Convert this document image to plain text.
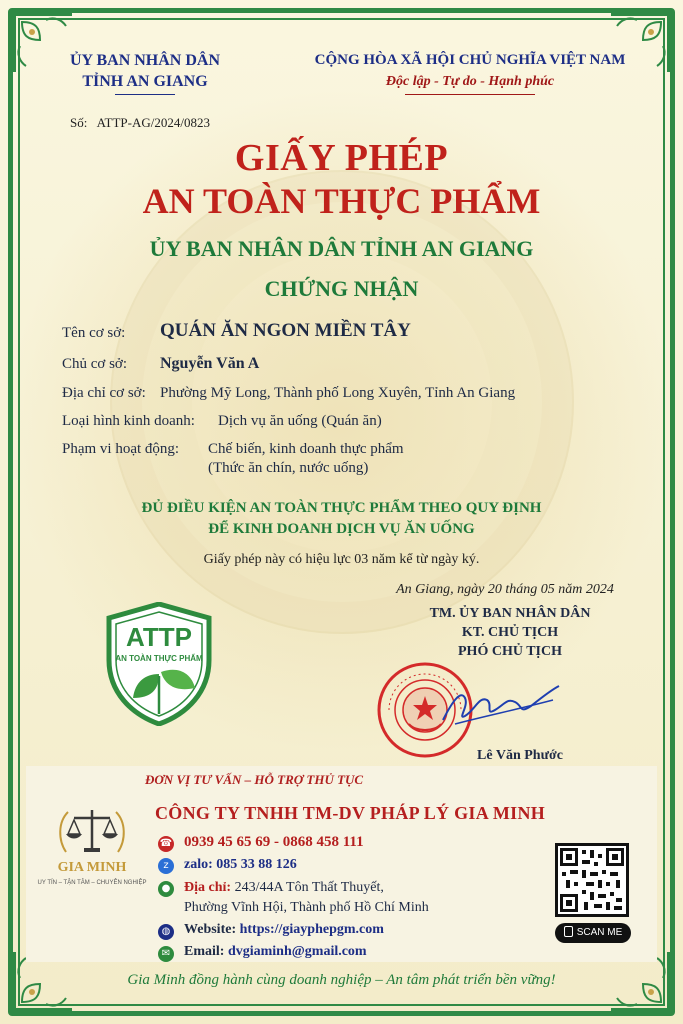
ỦY BAN NHÂN DÂN
TỈNH AN GIANG
CỘNG HÒA XÃ HỘI CHỦ NGHĨA VIỆT NAM
Độc lập - Tự do - Hạnh phúc
Số: ATTP-AG/2024/0823
GIẤY PHÉP
AN TOÀN THỰC PHẨM
ỦY BAN NHÂN DÂN TỈNH AN GIANG
CHỨNG NHẬN
Tên cơ sở: QUÁN ĂN NGON MIỀN TÂY
Chủ cơ sở: Nguyễn Văn A
Địa chỉ cơ sở: Phường Mỹ Long, Thành phố Long Xuyên, Tỉnh An Giang
Loại hình kinh doanh: Dịch vụ ăn uống (Quán ăn)
Phạm vi hoạt động: Chế biến, kinh doanh thực phẩm
(Thức ăn chín, nước uống)
ĐỦ ĐIỀU KIỆN AN TOÀN THỰC PHẨM THEO QUY ĐỊNH
ĐỂ KINH DOANH DỊCH VỤ ĂN UỐNG
Giấy phép này có hiệu lực 03 năm kể từ ngày ký.
ATTP
AN TOÀN THỰC PHẨM
An Giang, ngày 20 tháng 05 năm 2024
TM. ỦY BAN NHÂN DÂN
KT. CHỦ TỊCH
PHÓ CHỦ TỊCH
Lê Văn Phước
ĐƠN VỊ TƯ VẤN – HỖ TRỢ THỦ TỤC
CÔNG TY TNHH TM-DV PHÁP LÝ GIA MINH
GIA MINH
UY TÍN – TẬN TÂM – CHUYÊN NGHIỆP
☎ 0939 45 65 69 - 0868 458 111
z	zalo: 085 33 88 126
● Địa chỉ: 243/44A Tôn Thất Thuyết,
Phường Vĩnh Hội, Thành phố Hồ Chí Minh
◍ Website: https://giayphepgm.com
✉ Email: dvgiaminh@gmail.com
SCAN ME
Gia Minh đồng hành cùng doanh nghiệp – An tâm phát triển bền vững!
